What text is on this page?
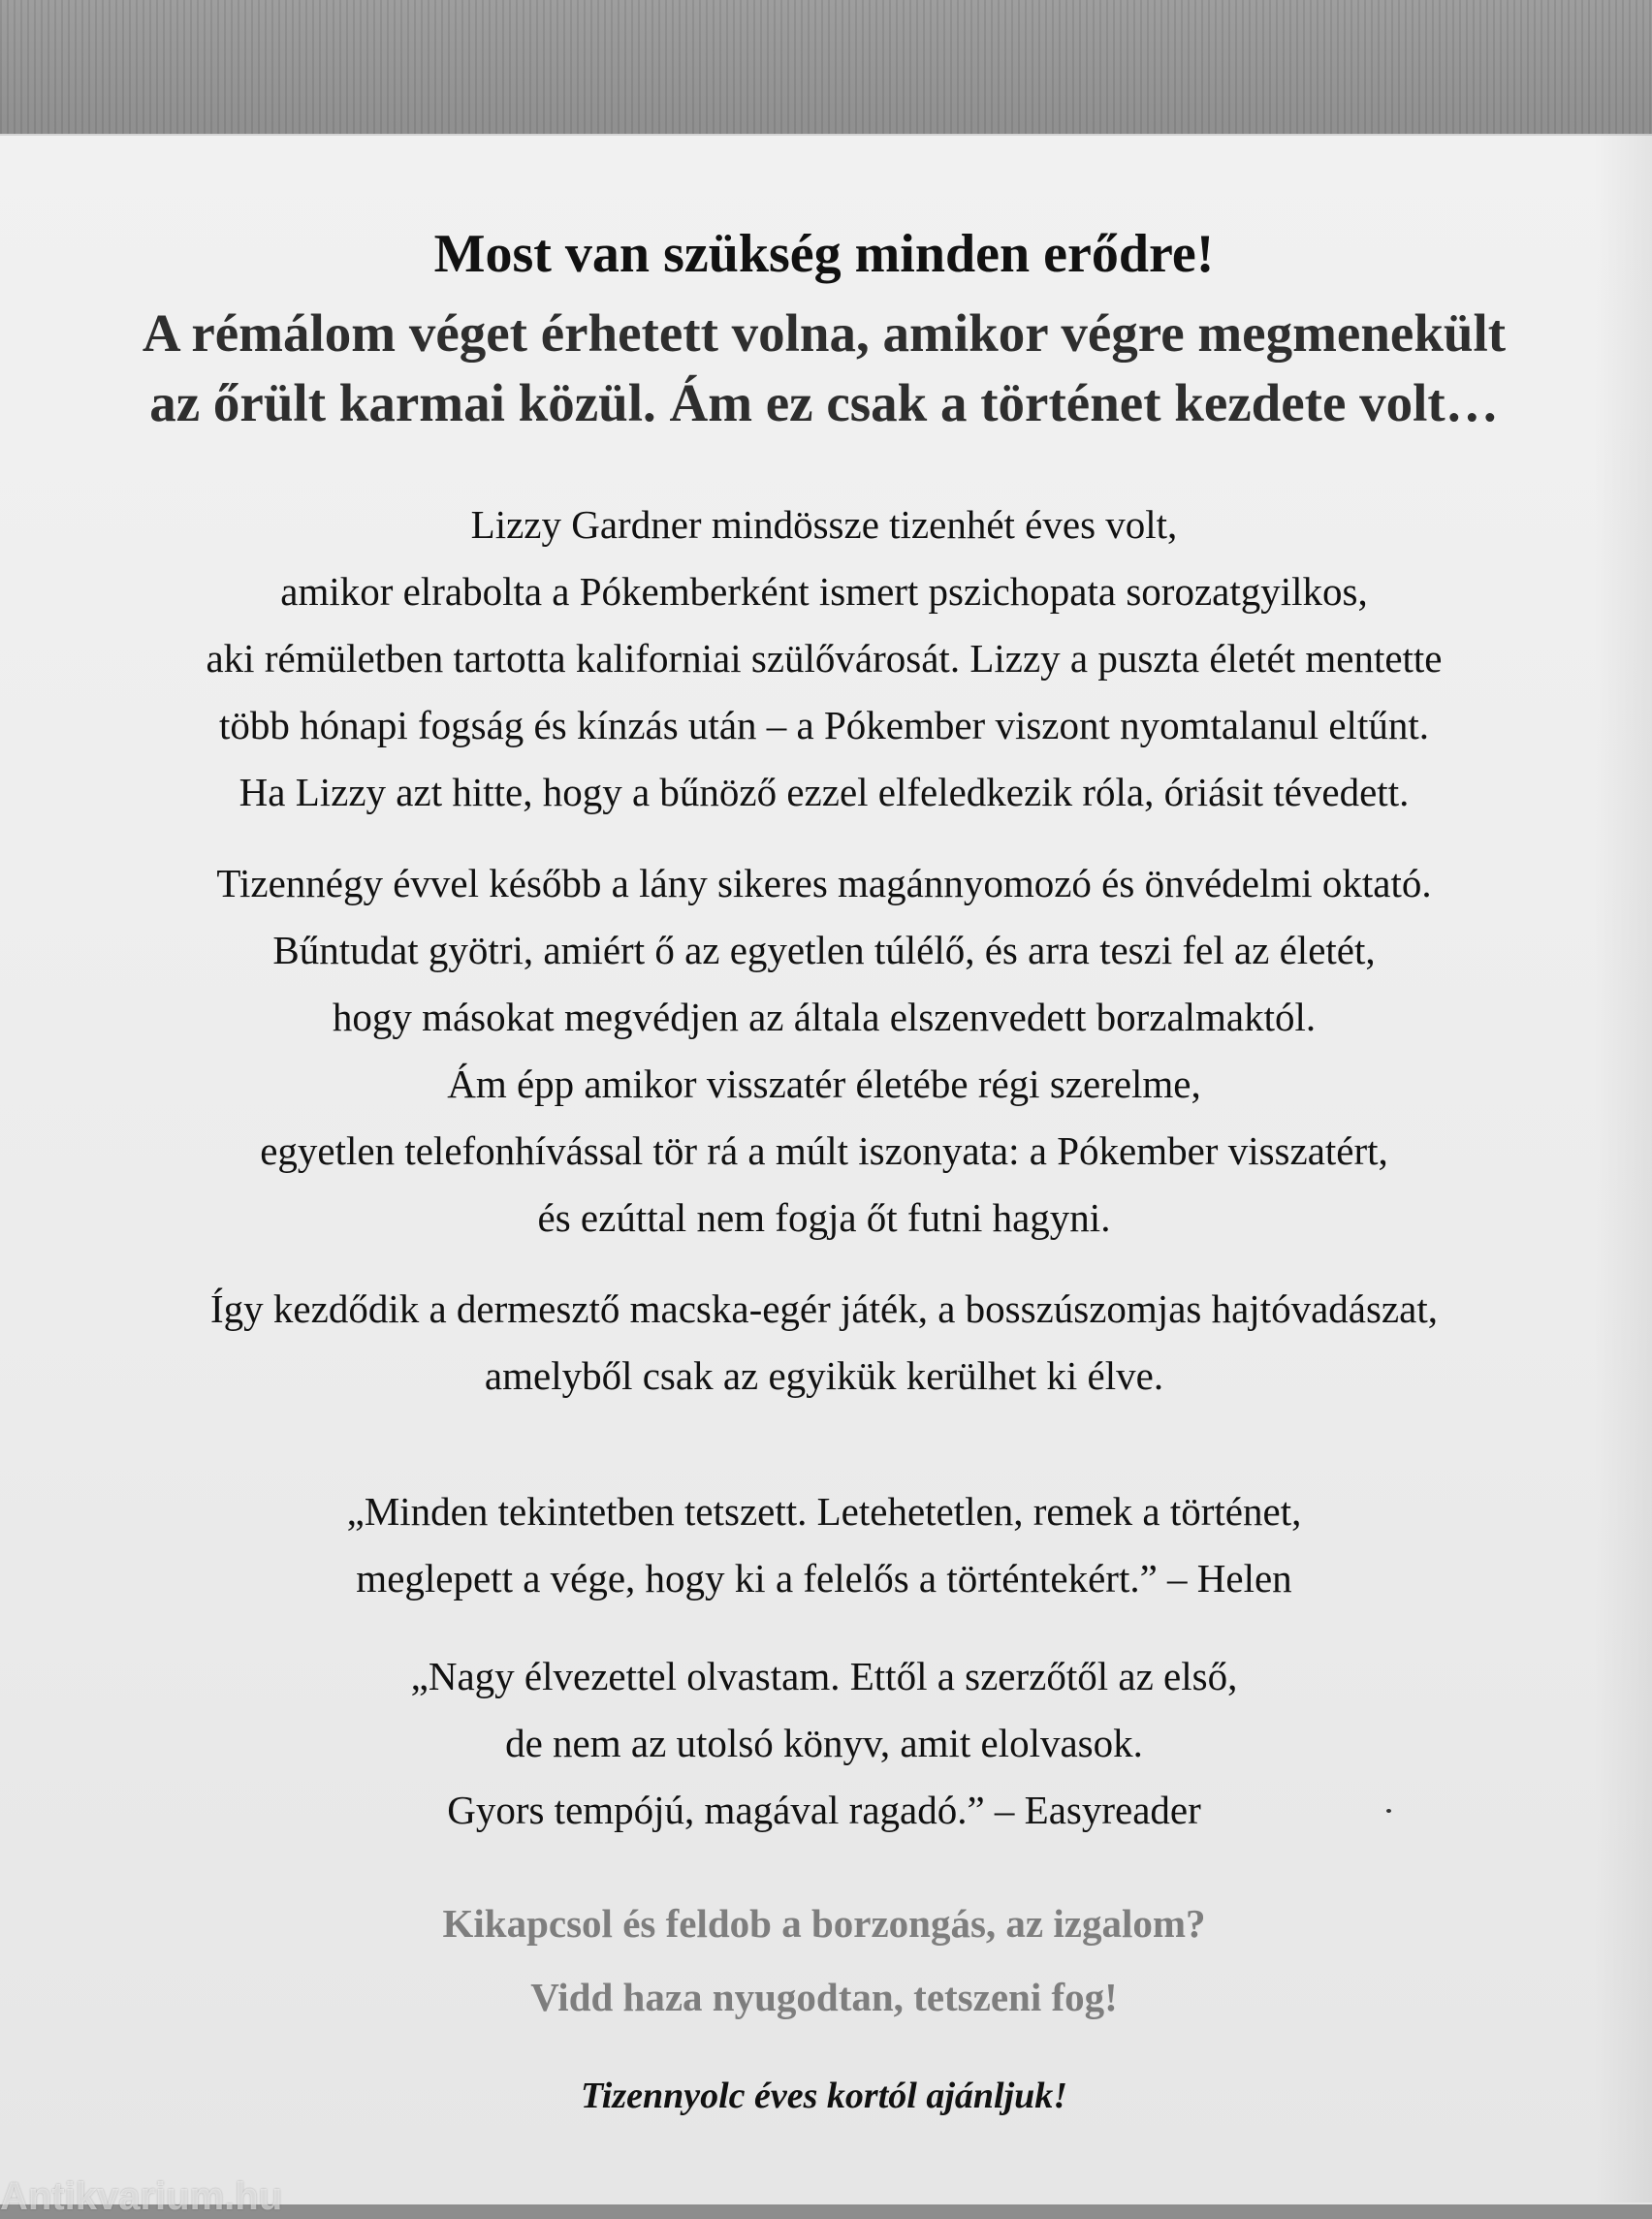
Most van szükség minden erődre!
A rémálom véget érhetett volna, amikor végre megmenekült
az őrült karmai közül. Ám ez csak a történet kezdete volt…
Lizzy Gardner mindössze tizenhét éves volt,
amikor elrabolta a Pókemberként ismert pszichopata sorozatgyilkos,
aki rémületben tartotta kaliforniai szülővárosát. Lizzy a puszta életét mentette
több hónapi fogság és kínzás után – a Pókember viszont nyomtalanul eltűnt.
Ha Lizzy azt hitte, hogy a bűnöző ezzel elfeledkezik róla, óriásit tévedett.
Tizennégy évvel később a lány sikeres magánnyomozó és önvédelmi oktató.
Bűntudat gyötri, amiért ő az egyetlen túlélő, és arra teszi fel az életét,
hogy másokat megvédjen az általa elszenvedett borzalmaktól.
Ám épp amikor visszatér életébe régi szerelme,
egyetlen telefonhívással tör rá a múlt iszonyata: a Pókember visszatért,
és ezúttal nem fogja őt futni hagyni.
Így kezdődik a dermesztő macska-egér játék, a bosszúszomjas hajtóvadászat,
amelyből csak az egyikük kerülhet ki élve.
„Minden tekintetben tetszett. Letehetetlen, remek a történet,
meglepett a vége, hogy ki a felelős a történtekért.” – Helen
„Nagy élvezettel olvastam. Ettől a szerzőtől az első,
de nem az utolsó könyv, amit elolvasok.
Gyors tempójú, magával ragadó.” – Easyreader
Kikapcsol és feldob a borzongás, az izgalom?
Vidd haza nyugodtan, tetszeni fog!
Tizennyolc éves kortól ajánljuk!
Antikvarium.hu
